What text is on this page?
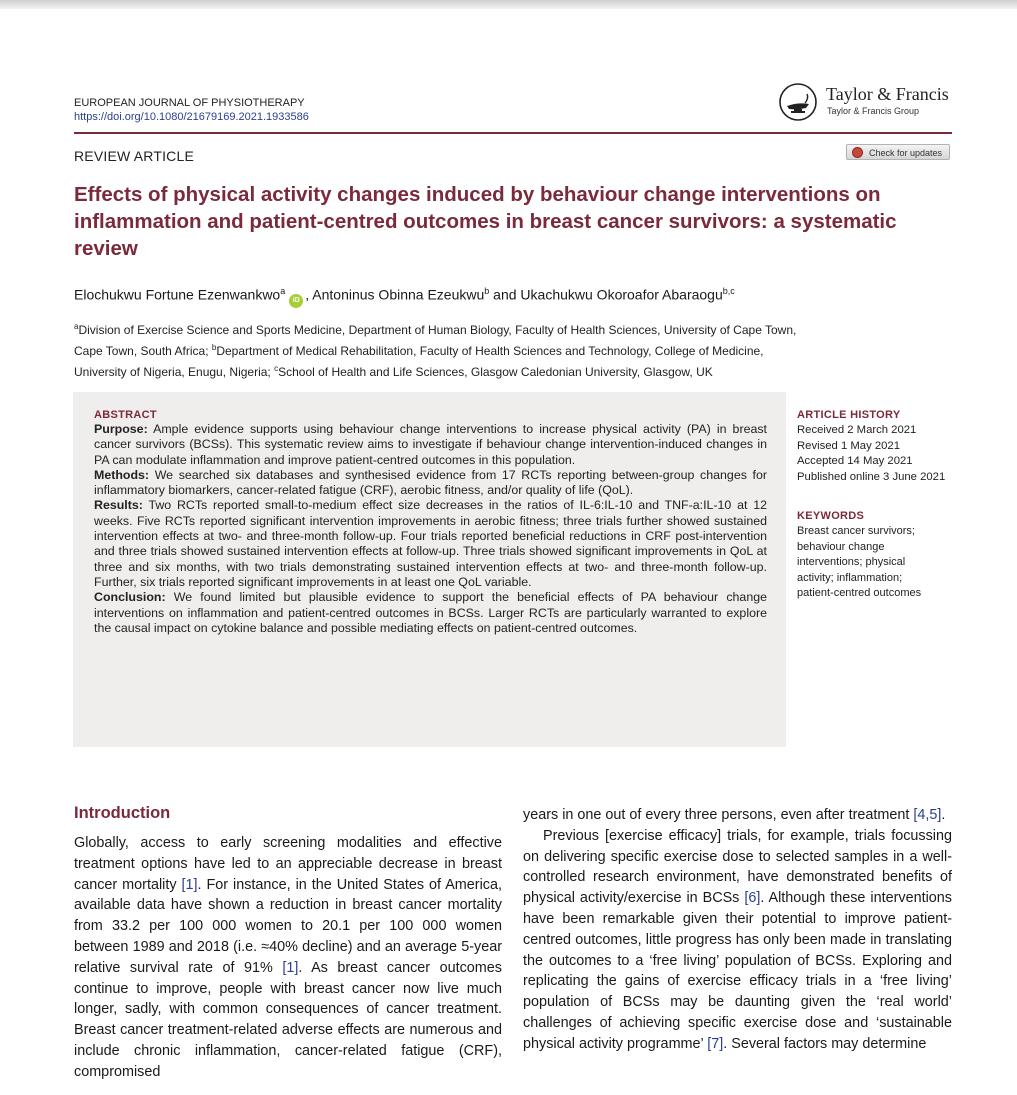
EUROPEAN JOURNAL OF PHYSIOTHERAPY
https://doi.org/10.1080/21679169.2021.1933586
Taylor & Francis
Taylor & Francis Group
REVIEW ARTICLE	Check for updates
Effects of physical activity changes induced by behaviour change interventions on inflammation and patient-centred outcomes in breast cancer survivors: a systematic review
Elochukwu Fortune Ezenwankwo$^a$iD , Antoninus Obinna Ezeukwu$^b$ and Ukachukwu Okoroafor Abaraogu$^{b,c}$

$^a$Division of Exercise Science and Sports Medicine, Department of Human Biology, Faculty of Health Sciences, University of Cape Town,

Cape Town, South Africa; $^b$Department of Medical Rehabilitation, Faculty of Health Sciences and Technology, College of Medicine,

University of Nigeria, Enugu, Nigeria; $^c$School of Health and Life Sciences, Glasgow Caledonian University, Glasgow, UK

ABSTRACT

Purpose: Ample evidence supports using behaviour change interventions to increase physical activity (PA) in breast cancer survivors (BCSs). This systematic review aims to investigate if behaviour change intervention-induced changes in PA can modulate inflammation and improve patient-centred outcomes in this population.

Methods: We searched six databases and synthesised evidence from 17 RCTs reporting between-group changes for inflammatory biomarkers, cancer-related fatigue (CRF), aerobic fitness, and/or quality of life (QoL).

Results: Two RCTs reported small-to-medium effect size decreases in the ratios of IL-6:IL-10 and TNF-a:IL-10 at 12 weeks. Five RCTs reported significant intervention improvements in aerobic fitness; three trials further showed sustained intervention effects at two- and three-month follow-up. Four trials reported beneficial reductions in CRF post-intervention and three trials showed sustained intervention effects at follow-up. Three trials showed significant improvements in QoL at three and six months, with two trials demonstrating sustained intervention effects at two- and three-month follow-up. Further, six trials reported significant improvements in at least one QoL variable.

Conclusion: We found limited but plausible evidence to support the beneficial effects of PA behaviour change interventions on inflammation and patient-centred outcomes in BCSs. Larger RCTs are particularly warranted to explore the causal impact on cytokine balance and possible mediating effects on patient-centred outcomes.

ARTICLE HISTORY

Received 2 March 2021

Revised 1 May 2021

Accepted 14 May 2021

Published online 3 June 2021

KEYWORDS

Breast cancer survivors;

behaviour change

interventions; physical

activity; inflammation;

patient-centred outcomes

Introduction

Globally, access to early screening modalities and effective treatment options have led to an appreciable decrease in breast cancer mortality [1]. For instance, in the United States of America, available data have shown a reduction in breast cancer mortality from 33.2 per 100 000 women to 20.1 per 100 000 women between 1989 and 2018 (i.e. ≈40% decline) and an average 5-year relative survival rate of 91% [1]. As breast cancer outcomes continue to improve, people with breast cancer now live much longer, sadly, with common consequences of cancer treatment. Breast cancer treatment-related adverse effects are numerous and include chronic inflammation, cancer-related fatigue (CRF), compromised

years in one out of every three persons, even after treatment [4,5].

Previous [exercise efficacy] trials, for example, trials focussing on delivering specific exercise dose to selected samples in a well-controlled research environment, have demonstrated benefits of physical activity/exercise in BCSs [6]. Although these interventions have been remarkable given their potential to improve patient-centred outcomes, little progress has only been made in translating the outcomes to a ‘free living’ population of BCSs. Exploring and replicating the gains of exercise efficacy trials in a ‘free living’ population of BCSs may be daunting given the ‘real world’ challenges of achieving specific exercise dose and ‘sustainable physical activity programme’ [7]. Several factors may determine
